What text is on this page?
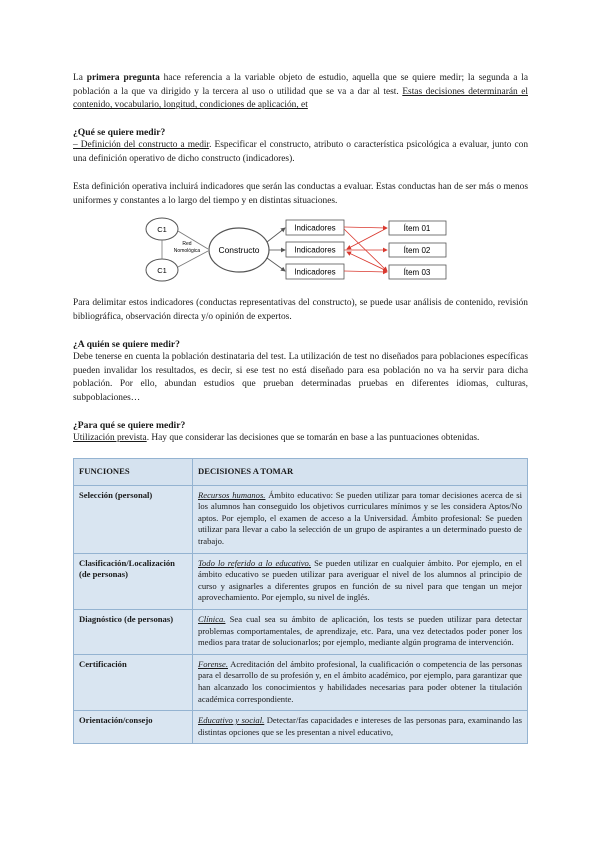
La primera pregunta hace referencia a la variable objeto de estudio, aquella que se quiere medir; la segunda a la población a la que va dirigido y la tercera al uso o utilidad que se va a dar al test. Estas decisiones determinarán el contenido, vocabulario, longitud, condiciones de aplicación, et
¿Qué se quiere medir?
– Definición del constructo a medir. Especificar el constructo, atributo o característica psicológica a evaluar, junto con una definición operativo de dicho constructo (indicadores).
Esta definición operativa incluirá indicadores que serán las conductas a evaluar. Estas conductas han de ser más o menos uniformes y constantes a lo largo del tiempo y en distintas situaciones.
C1
C1
Red
Nomológica Constructo
Indicadores
Indicadores
Indicadores
Ítem 01
Ítem 02
Ítem 03
Para delimitar estos indicadores (conductas representativas del constructo), se puede usar análisis de contenido, revisión bibliográfica, observación directa y/o opinión de expertos.
¿A quién se quiere medir?
Debe tenerse en cuenta la población destinataria del test. La utilización de test no diseñados para poblaciones específicas pueden invalidar los resultados, es decir, si ese test no está diseñado para esa población no va ha servir para dicha población. Por ello, abundan estudios que prueban determinadas pruebas en diferentes idiomas, culturas, subpoblaciones…
¿Para qué se quiere medir?
Utilización prevista. Hay que considerar las decisiones que se tomarán en base a las puntuaciones obtenidas.
FUNCIONES	DECISIONES A TOMAR
Selección (personal)	Recursos humanos. Ámbito educativo: Se pueden utilizar para tomar decisiones acerca de si los alumnos han conseguido los objetivos curriculares mínimos y se les considera Aptos/No aptos. Por ejemplo, el examen de acceso a la Universidad. Ámbito profesional: Se pueden utilizar para llevar a cabo la selección de un grupo de aspirantes a un determinado puesto de trabajo.
Clasificación/Localización (de personas)	Todo lo referido a lo educativo. Se pueden utilizar en cualquier ámbito. Por ejemplo, en el ámbito educativo se pueden utilizar para averiguar el nivel de los alumnos al principio de curso y asignarles a diferentes grupos en función de su nivel para que tengan un mejor aprovechamiento. Por ejemplo, su nivel de inglés.
Diagnóstico (de personas)	Clínica. Sea cual sea su ámbito de aplicación, los tests se pueden utilizar para detectar problemas comportamentales, de aprendizaje, etc. Para, una vez detectados poder poner los medios para tratar de solucionarlos; por ejemplo, mediante algún programa de intervención.
Certificación	Forense. Acreditación del ámbito profesional, la cualificación o competencia de las personas para el desarrollo de su profesión y, en el ámbito académico, por ejemplo, para garantizar que han alcanzado los conocimientos y habilidades necesarias para poder obtener la titulación académica correspondiente.
Orientación/consejo	Educativo y social. Detectar/fas capacidades e intereses de las personas para, examinando las distintas opciones que se les presentan a nivel educativo,
